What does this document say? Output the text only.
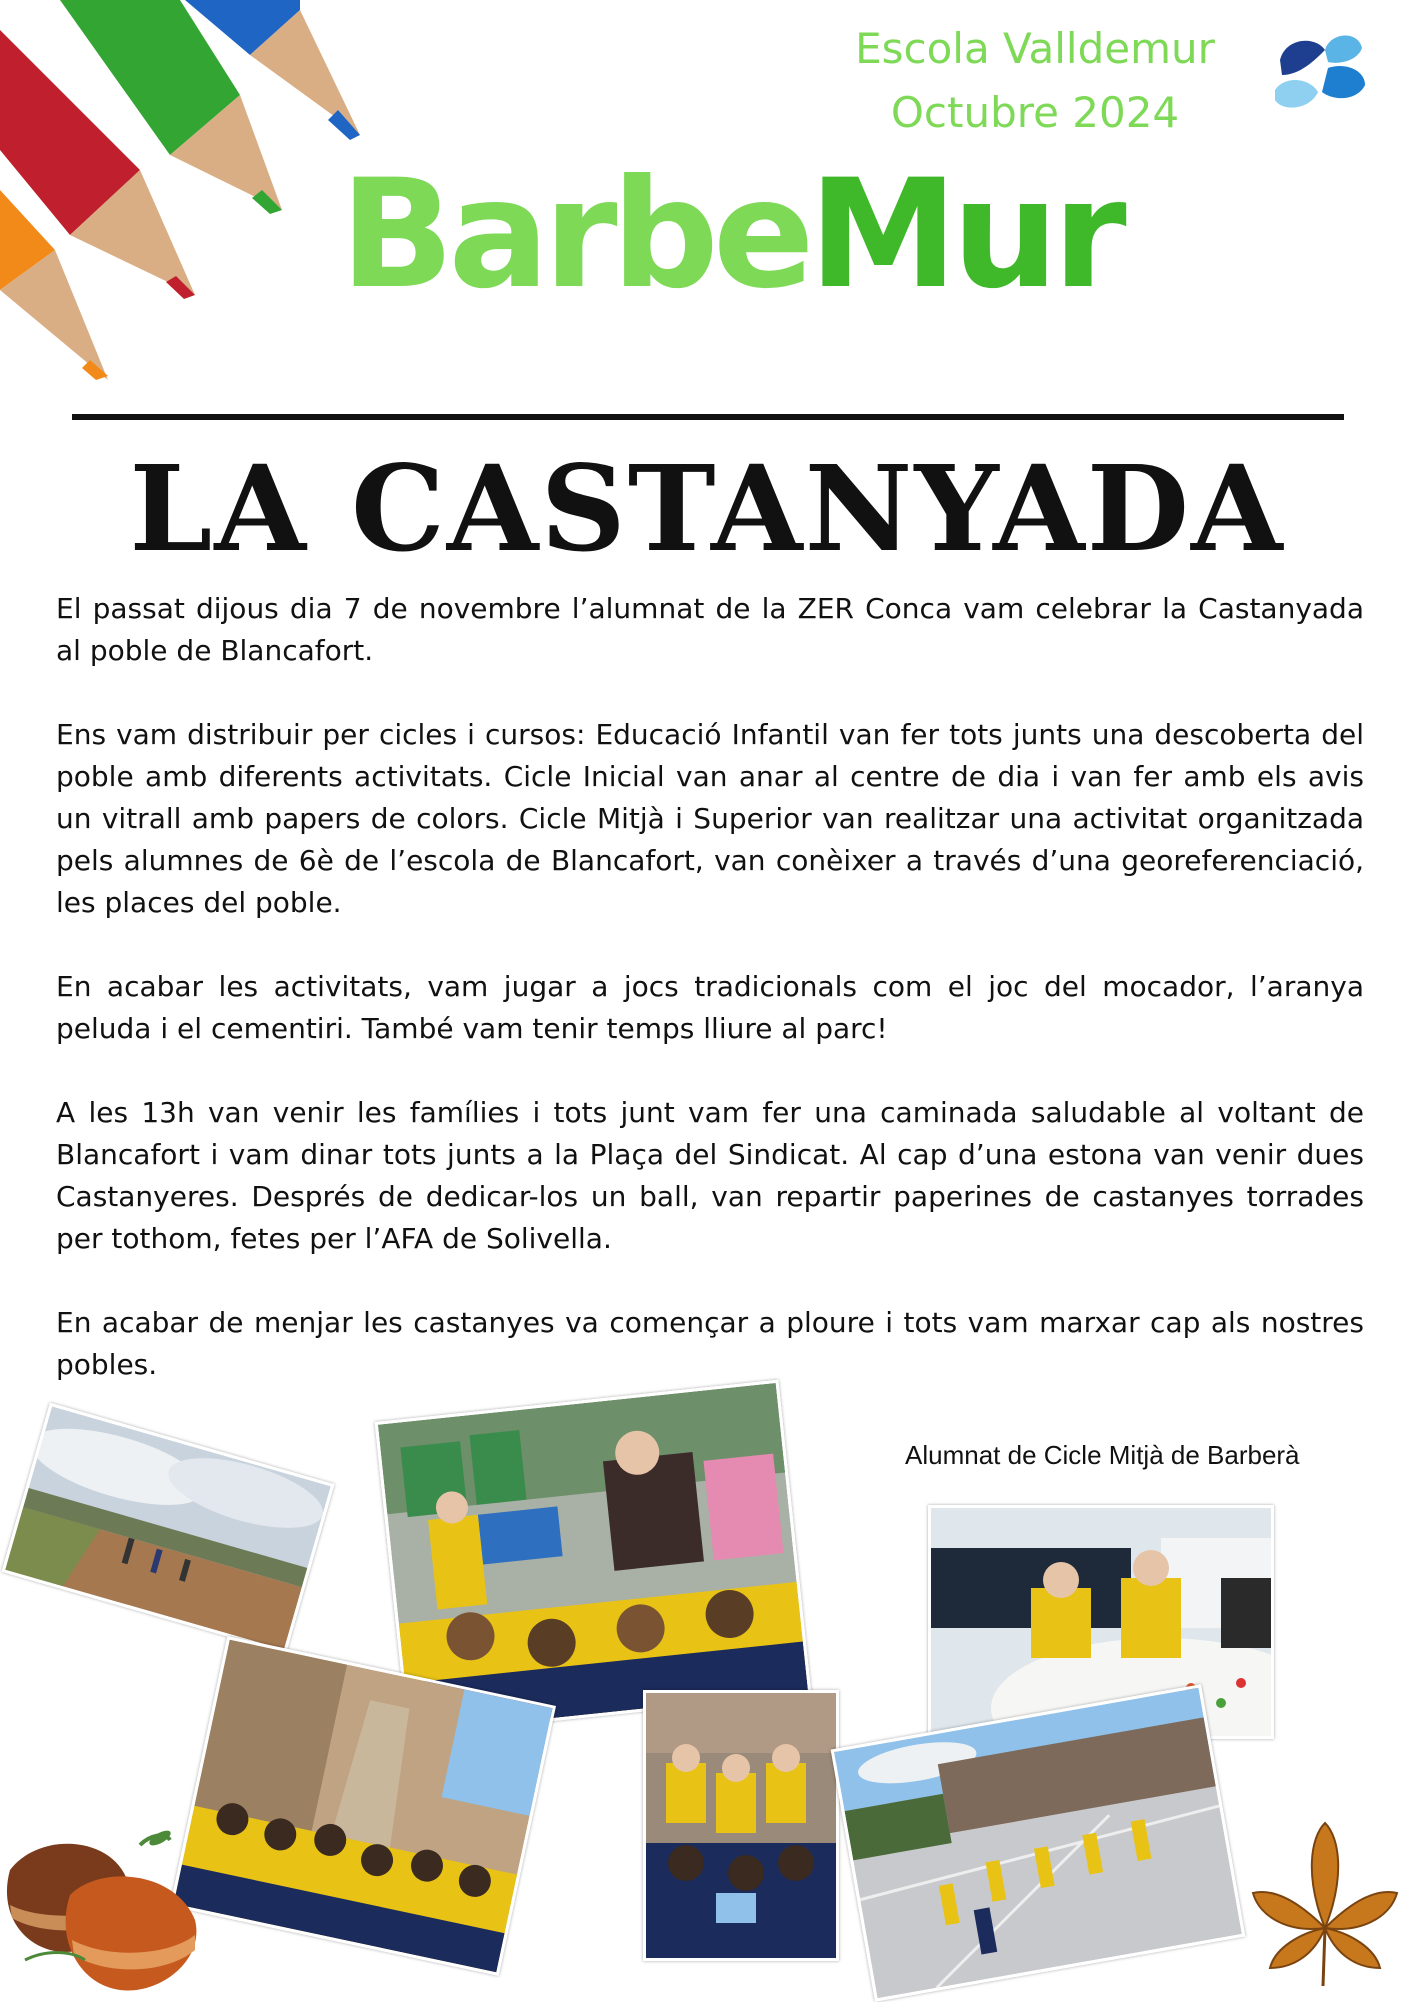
Escola Valldemur
Octubre 2024
BarbeMur
LA CASTANYADA

El passat dijous dia 7 de novembre l’alumnat de la ZER Conca vam celebrar la Castanyada al poble de Blancafort.

Ens vam distribuir per cicles i cursos: Educació Infantil van fer tots junts una descoberta del poble amb diferents activitats. Cicle Inicial van anar al centre de dia i van fer amb els avis un vitrall amb papers de colors. Cicle Mitjà i Superior van realitzar una activitat organitzada pels alumnes de 6è de l’escola de Blancafort, van conèixer a través d’una georeferenciació, les places del poble.

En acabar les activitats, vam jugar a jocs tradicionals com el joc del mocador, l’aranya peluda i el cementiri. També vam tenir temps lliure al parc!

A les 13h van venir les famílies i tots junt vam fer una caminada saludable al voltant de Blancafort i vam dinar tots junts a la Plaça del Sindicat. Al cap d’una estona van venir dues Castanyeres. Després de dedicar-los un ball, van repartir paperines de castanyes torrades per tothom, fetes per l’AFA de Solivella.

En acabar de menjar les castanyes va començar a ploure i tots vam marxar cap als nostres pobles.

Alumnat de Cicle Mitjà de Barberà
